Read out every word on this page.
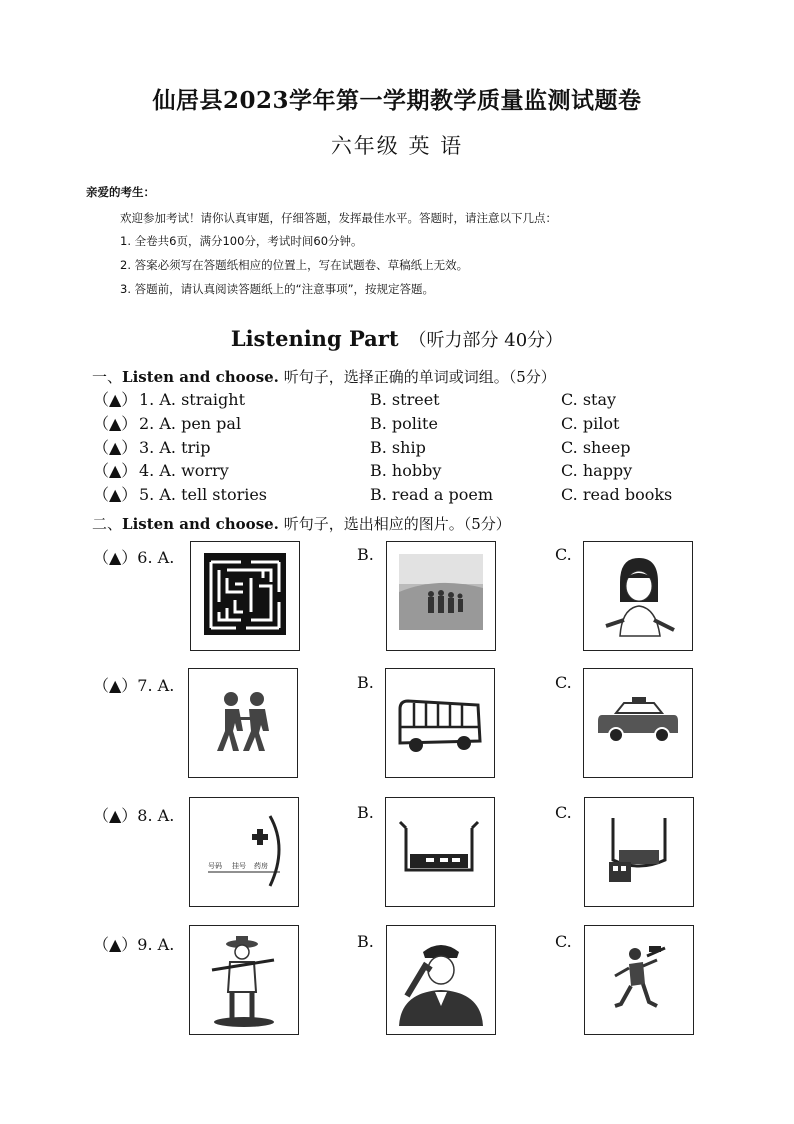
仙居县2023学年第一学期教学质量监测试题卷
六年级 英 语
亲爱的考生：
欢迎参加考试！请你认真审题，仔细答题，发挥最佳水平。答题时，请注意以下几点：
1. 全卷共6页，满分100分，考试时间60分钟。
2. 答案必须写在答题纸相应的位置上，写在试题卷、草稿纸上无效。
3. 答题前，请认真阅读答题纸上的“注意事项”，按规定答题。
Listening Part （听力部分 40分）
一、Listen and choose. 听句子，选择正确的单词或词组。（5分）
（▲） 1. A. straight	B. street	C. stay
（▲） 2. A. pen pal	B. polite	C. pilot
（▲） 3. A. trip	B. ship	C. sheep
（▲） 4. A. worry	B. hobby	C. happy
（▲） 5. A. tell stories	B. read a poem	C. read books
二、Listen and choose. 听句子，选出相应的图片。（5分）
（▲）6. A.	B.	C.
（▲）7. A.	B.	C.
（▲）8. A.	B.	C.
号码 挂号 药房
（▲）9. A.	B.	C.
